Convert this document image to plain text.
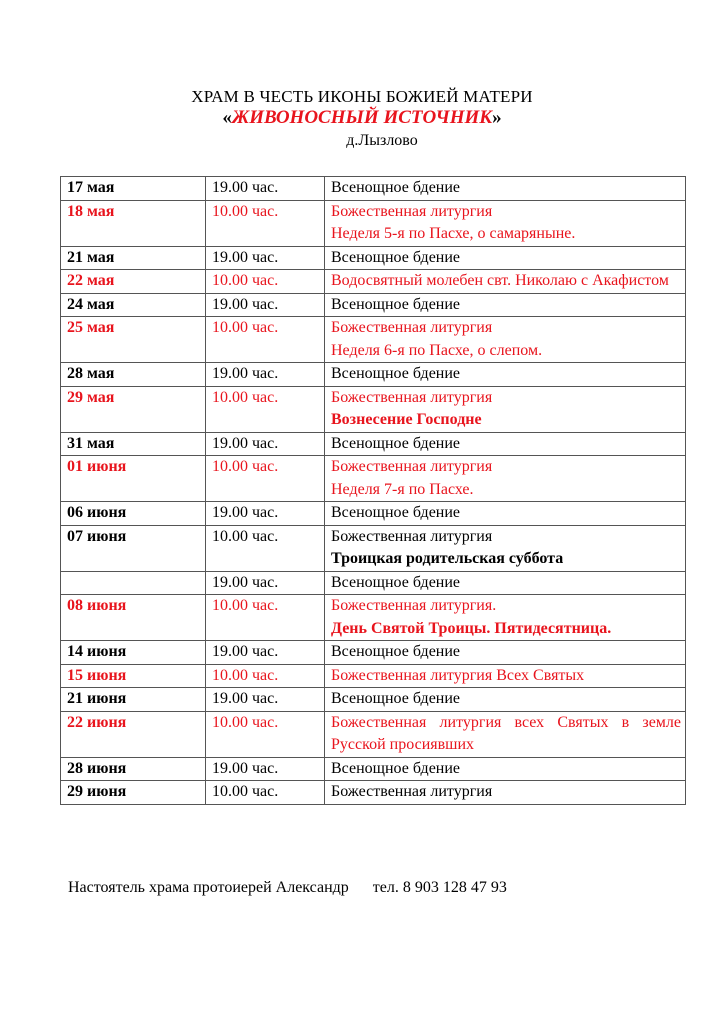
ХРАМ В ЧЕСТЬ ИКОНЫ БОЖИЕЙ МАТЕРИ
«ЖИВОНОСНЫЙ ИСТОЧНИК»
д.Лызлово
17 мая	19.00 час.	Всенощное бдение

18 мая	10.00 час.	Божественная литургия
Неделя 5-я по Пасхе, о самаряныне.

21 мая	19.00 час.	Всенощное бдение

22 мая	10.00 час.	Водосвятный молебен свт. Николаю с Акафистом

24 мая	19.00 час.	Всенощное бдение

25 мая	10.00 час.	Божественная литургия
Неделя 6-я по Пасхе, о слепом.

28 мая	19.00 час.	Всенощное бдение

29 мая	10.00 час.	Божественная литургия
Вознесение Господне

31 мая	19.00 час.	Всенощное бдение

01 июня	10.00 час.	Божественная литургия
Неделя 7-я по Пасхе.

06 июня	19.00 час.	Всенощное бдение

07 июня	10.00 час.	Божественная литургия
Троицкая родительская суббота

	19.00 час.	Всенощное бдение

08 июня	10.00 час.	Божественная литургия.
День Святой Троицы. Пятидесятница.

14 июня	19.00 час.	Всенощное бдение

15 июня	10.00 час.	Божественная литургия Всех Святых

21 июня	19.00 час.	Всенощное бдение

22 июня	10.00 час.	Божественная литургия всех Святых в земле Русской просиявших

28 июня	19.00 час.	Всенощное бдение

29 июня	10.00 час.	Божественная литургия
Настоятель храма протоиерей Александр тел. 8 903 128 47 93
